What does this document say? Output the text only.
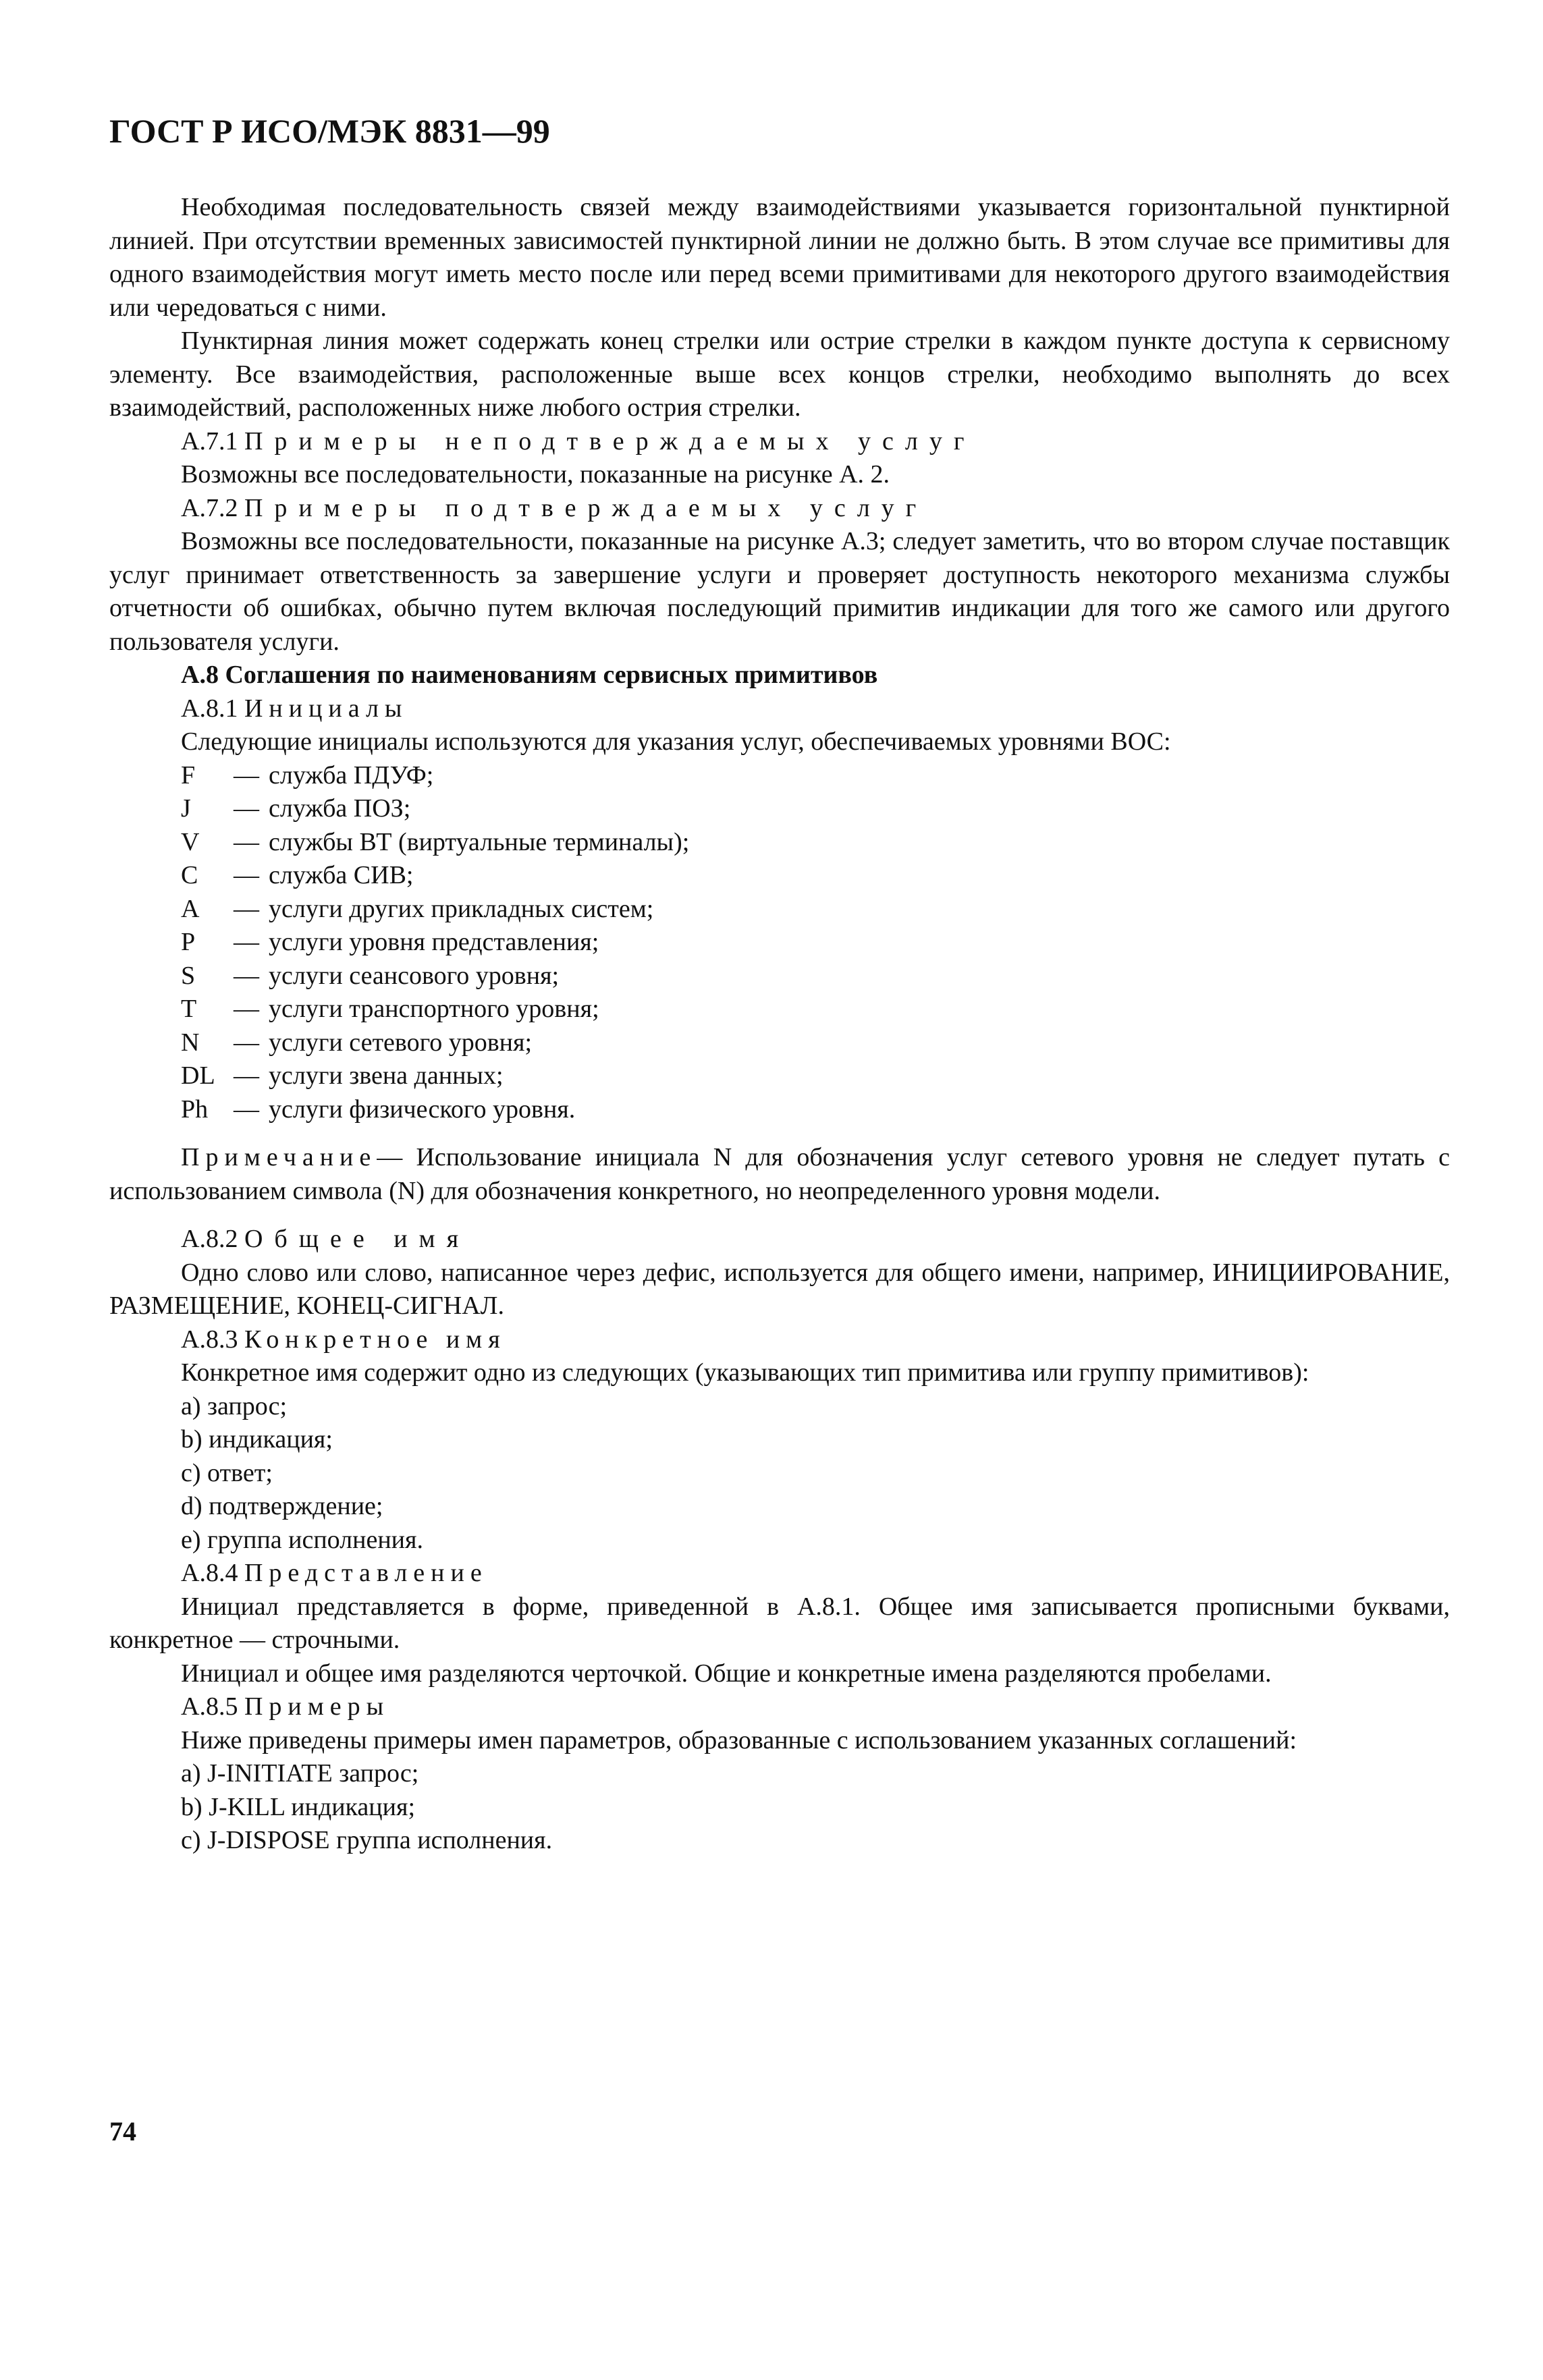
ГОСТ Р ИСО/МЭК 8831—99

Необходимая последовательность связей между взаимодействиями указывается горизонтальной пунктирной линией. При отсутствии временных зависимостей пунктирной линии не должно быть. В этом случае все примитивы для одного взаимодействия могут иметь место после или перед всеми примитивами для некоторого другого взаимодействия или чередоваться с ними.

Пунктирная линия может содержать конец стрелки или острие стрелки в каждом пункте доступа к сервисному элементу. Все взаимодействия, расположенные выше всех концов стрелки, необходимо выполнять до всех взаимодействий, расположенных ниже любого острия стрелки.

А.7.1 Примеры неподтверждаемых услуг
Возможны все последовательности, показанные на рисунке А. 2.
А.7.2 Примеры подтверждаемых услуг

Возможны все последовательности, показанные на рисунке А.3; следует заметить, что во втором случае поставщик услуг принимает ответственность за завершение услуги и проверяет доступность некоторого механизма службы отчетности об ошибках, обычно путем включая последующий примитив индикации для того же самого или другого пользователя услуги.

А.8 Соглашения по наименованиям сервисных примитивов
А.8.1 Инициалы
Следующие инициалы используются для указания услуг, обеспечиваемых уровнями ВОС:
F	— служба ПДУФ;
J	— служба ПОЗ;
V	— службы ВТ (виртуальные терминалы);
С	— служба СИВ;
А	— услуги других прикладных систем;
Р	— услуги уровня представления;
S	— услуги сеансового уровня;
Т	— услуги транспортного уровня;
N	— услуги сетевого уровня;
DL — услуги звена данных;
Ph — услуги физического уровня.

Примечание— Использование инициала N для обозначения услуг сетевого уровня не следует путать с использованием символа (N) для обозначения конкретного, но неопределенного уровня модели.

А.8.2 Общее имя

Одно слово или слово, написанное через дефис, используется для общего имени, например, ИНИЦИИРОВАНИЕ, РАЗМЕЩЕНИЕ, КОНЕЦ-СИГНАЛ.

А.8.3 Конкретное имя
Конкретное имя содержит одно из следующих (указывающих тип примитива или группу примитивов):
а) запрос;
b) индикация;
с) ответ;
d) подтверждение;
е) группа исполнения.
А.8.4 Представление

Инициал представляется в форме, приведенной в А.8.1. Общее имя записывается прописными буквами, конкретное — строчными.

Инициал и общее имя разделяются черточкой. Общие и конкретные имена разделяются пробелами.
А.8.5 Примеры
Ниже приведены примеры имен параметров, образованные с использованием указанных соглашений:
а) J-INITIATE запрос;
b) J-KILL индикация;
с) J-DISPOSE группа исполнения.
74
